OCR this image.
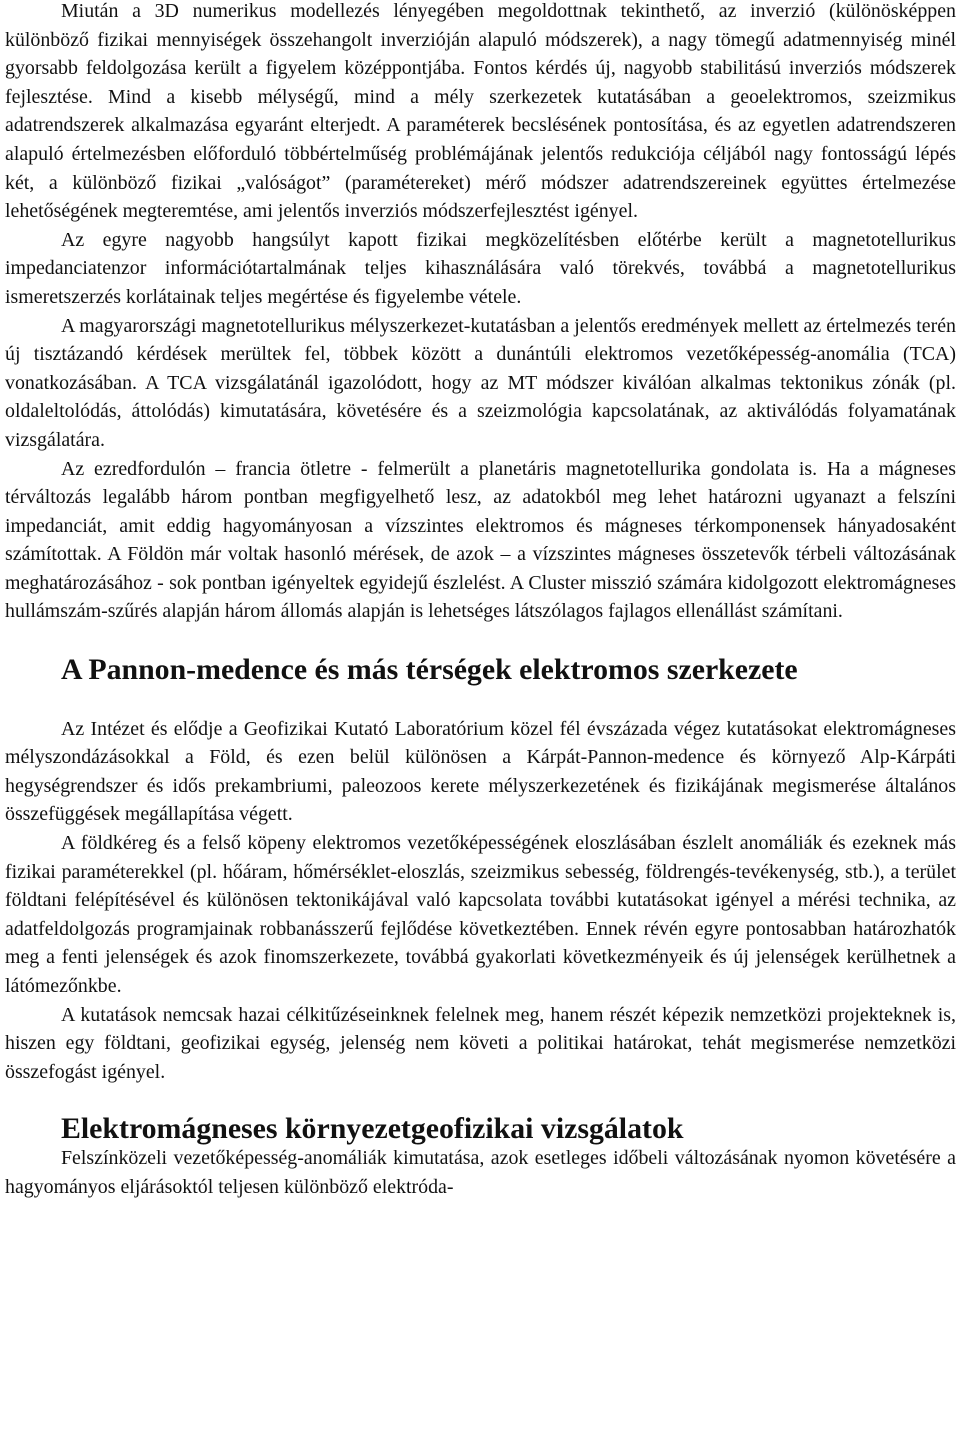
Miután a 3D numerikus modellezés lényegében megoldottnak tekinthető, az inverzió (különösképpen különböző fizikai mennyiségek összehangolt inverzióján alapuló módszerek), a nagy tömegű adatmennyiség minél gyorsabb feldolgozása került a figyelem középpontjába. Fontos kérdés új, nagyobb stabilitású inverziós módszerek fejlesztése. Mind a kisebb mélységű, mind a mély szerkezetek kutatásában a geoelektromos, szeizmikus adatrendszerek alkalmazása egyaránt elterjedt. A paraméterek becslésének pontosítása, és az egyetlen adatrendszeren alapuló értelmezésben előforduló többértelműség problémájának jelentős redukciója céljából nagy fontosságú lépés két, a különböző fizikai „valóságot” (paramétereket) mérő módszer adatrendszereinek együttes értelmezése lehetőségének megteremtése, ami jelentős inverziós módszerfejlesztést igényel.

Az egyre nagyobb hangsúlyt kapott fizikai megközelítésben előtérbe került a magnetotellurikus impedanciatenzor információtartalmának teljes kihasználására való törekvés, továbbá a magnetotellurikus ismeretszerzés korlátainak teljes megértése és figyelembe vétele.

A magyarországi magnetotellurikus mélyszerkezet-kutatásban a jelentős eredmények mellett az értelmezés terén új tisztázandó kérdések merültek fel, többek között a dunántúli elektromos vezetőképesség-anomália (TCA) vonatkozásában. A TCA vizsgálatánál igazolódott, hogy az MT módszer kiválóan alkalmas tektonikus zónák (pl. oldaleltolódás, áttolódás) kimutatására, követésére és a szeizmológia kapcsolatának, az aktiválódás folyamatának vizsgálatára.

Az ezredfordulón – francia ötletre - felmerült a planetáris magnetotellurika gondolata is. Ha a mágneses térváltozás legalább három pontban megfigyelhető lesz, az adatokból meg lehet határozni ugyanazt a felszíni impedanciát, amit eddig hagyományosan a vízszintes elektromos és mágneses térkomponensek hányadosaként számítottak. A Földön már voltak hasonló mérések, de azok – a vízszintes mágneses összetevők térbeli változásának meghatározásához - sok pontban igényeltek egyidejű észlelést. A Cluster misszió számára kidolgozott elektromágneses hullámszám-szűrés alapján három állomás alapján is lehetséges látszólagos fajlagos ellenállást számítani.

A Pannon-medence és más térségek elektromos szerkezete

Az Intézet és elődje a Geofizikai Kutató Laboratórium közel fél évszázada végez kutatásokat elektromágneses mélyszondázásokkal a Föld, és ezen belül különösen a Kárpát-Pannon-medence és környező Alp-Kárpáti hegységrendszer és idős prekambriumi, paleozoos kerete mélyszerkezetének és fizikájának megismerése általános összefüggések megállapítása végett.

A földkéreg és a felső köpeny elektromos vezetőképességének eloszlásában észlelt anomáliák és ezeknek más fizikai paraméterekkel (pl. hőáram, hőmérséklet-eloszlás, szeizmikus sebesség, földrengés-tevékenység, stb.), a terület földtani felépítésével és különösen tektonikájával való kapcsolata további kutatásokat igényel a mérési technika, az adatfeldolgozás programjainak robbanásszerű fejlődése következtében. Ennek révén egyre pontosabban határozhatók meg a fenti jelenségek és azok finomszerkezete, továbbá gyakorlati következményeik és új jelenségek kerülhetnek a látómezőnkbe.

A kutatások nemcsak hazai célkitűzéseinknek felelnek meg, hanem részét képezik nemzetközi projekteknek is, hiszen egy földtani, geofizikai egység, jelenség nem követi a politikai határokat, tehát megismerése nemzetközi összefogást igényel.

Elektromágneses környezetgeofizikai vizsgálatok

Felszínközeli vezetőképesség-anomáliák kimutatása, azok esetleges időbeli változásának nyomon követésére a hagyományos eljárásoktól teljesen különböző elektróda-
